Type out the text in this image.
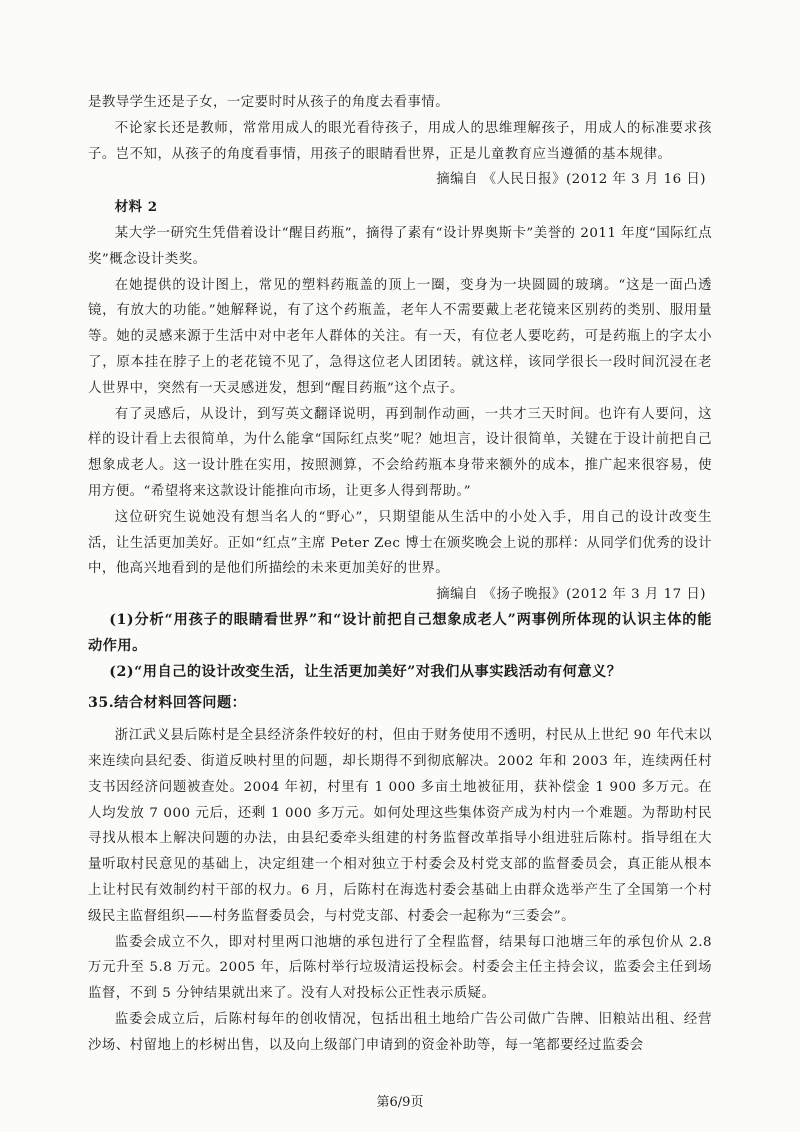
是教导学生还是子女，一定要时时从孩子的角度去看事情。

不论家长还是教师，常常用成人的眼光看待孩子，用成人的思维理解孩子，用成人的标准要求孩子。岂不知，从孩子的角度看事情，用孩子的眼睛看世界，正是儿童教育应当遵循的基本规律。

摘编自 《人民日报》(2012 年 3 月 16 日)

材料 2

某大学一研究生凭借着设计“醒目药瓶”，摘得了素有“设计界奥斯卡”美誉的 2011 年度“国际红点奖”概念设计类奖。

在她提供的设计图上，常见的塑料药瓶盖的顶上一圈，变身为一块圆圆的玻璃。“这是一面凸透镜，有放大的功能。”她解释说，有了这个药瓶盖，老年人不需要戴上老花镜来区别药的类别、服用量等。她的灵感来源于生活中对中老年人群体的关注。有一天，有位老人要吃药，可是药瓶上的字太小了，原本挂在脖子上的老花镜不见了，急得这位老人团团转。就这样，该同学很长一段时间沉浸在老人世界中，突然有一天灵感迸发，想到“醒目药瓶”这个点子。

有了灵感后，从设计，到写英文翻译说明，再到制作动画，一共才三天时间。也许有人要问，这样的设计看上去很简单，为什么能拿“国际红点奖”呢？她坦言，设计很简单，关键在于设计前把自己想象成老人。这一设计胜在实用，按照测算，不会给药瓶本身带来额外的成本，推广起来很容易，使用方便。“希望将来这款设计能推向市场，让更多人得到帮助。”

这位研究生说她没有想当名人的“野心”，只期望能从生活中的小处入手，用自己的设计改变生活，让生活更加美好。正如“红点”主席 Peter Zec 博士在颁奖晚会上说的那样：从同学们优秀的设计中，他高兴地看到的是他们所描绘的未来更加美好的世界。

摘编自 《扬子晚报》(2012 年 3 月 17 日)

(1)分析“用孩子的眼睛看世界”和“设计前把自己想象成老人”两事例所体现的认识主体的能动作用。

(2)“用自己的设计改变生活，让生活更加美好”对我们从事实践活动有何意义？

35.结合材料回答问题：

浙江武义县后陈村是全县经济条件较好的村，但由于财务使用不透明，村民从上世纪 90 年代末以来连续向县纪委、街道反映村里的问题，却长期得不到彻底解决。2002 年和 2003 年，连续两任村支书因经济问题被查处。2004 年初，村里有 1 000 多亩土地被征用，获补偿金 1 900 多万元。在人均发放 7 000 元后，还剩 1 000 多万元。如何处理这些集体资产成为村内一个难题。为帮助村民寻找从根本上解决问题的办法，由县纪委牵头组建的村务监督改革指导小组进驻后陈村。指导组在大量听取村民意见的基础上，决定组建一个相对独立于村委会及村党支部的监督委员会，真正能从根本上让村民有效制约村干部的权力。6 月，后陈村在海选村委会基础上由群众选举产生了全国第一个村级民主监督组织——村务监督委员会，与村党支部、村委会一起称为“三委会”。

监委会成立不久，即对村里两口池塘的承包进行了全程监督，结果每口池塘三年的承包价从 2.8 万元升至 5.8 万元。2005 年，后陈村举行垃圾清运投标会。村委会主任主持会议，监委会主任到场监督，不到 5 分钟结果就出来了。没有人对投标公正性表示质疑。

监委会成立后，后陈村每年的创收情况，包括出租土地给广告公司做广告牌、旧粮站出租、经营沙场、村留地上的杉树出售，以及向上级部门申请到的资金补助等，每一笔都要经过监委会

第6/9页
